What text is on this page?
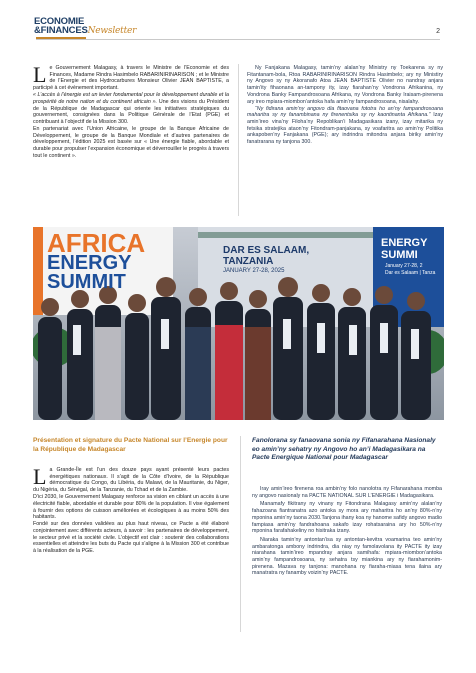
ECONOMIE
&FINANCESNewsletter	2

Le Gouvernement Malagasy, à travers le Ministre de l’Economie et des Finances, Madame Rindra Hasimbelo RABARINIRINARISON ; et le Ministre de l’Energie et des Hydrocarbures Monsieur Olivier JEAN BAPTISTE, a participé à cet évènement important.

« L’accès à l’énergie est un levier fondamental pour le développement durable et la prospérité de notre nation et du continent africain ». Une des visions du Président de la République de Madagascar qui oriente les initiatives stratégiques du gouvernement, consignées dans la Politique Générale de l’Etat (PGE) et contribuant à l’objectif de la Mission 300.

En partenariat avec l’Union Africaine, le groupe de la Banque Africaine de Développement, le groupe de la Banque Mondiale et d’autres partenaires de développement, l’édition 2025 est basée sur « Une énergie fiable, abordable et durable pour propulser l’expansion économique et déverrouiller le progrès à travers tout le continent ».

Ny Fanjakana Malagasy, tamin’ny alalan’ny Ministry ny Toekarena sy ny Fitantanam-bola, Rtoa RABARINIRINARISON Rindra Hasimbelo; ary ny Ministiry ny Angovo sy ny Akoranafo Atoa JEAN BAPTISTE Olivier no nandray anjara tamin’ity fihaonana an-tampony ity, izay fiarahan’ny Vondrona Afrikanina, ny Vondrona Banky Fampandrosoana Afrikana, ny Vondrona Banky Iraisam-pirenena ary ireo mpiara-miombon’antoka hafa amin’ny fampandrosoana, nisalahy.

“Ny fidirana amin’ny angovo dia fitaovana fototra ho an’ny fampandrosoana maharitra sy ny fanambinana ny firenentsika sy ny kaontinanta Afrikana.” Izay amin’ireo vina’ny Filoha’ny Repoblikan’i Madagasikara izany, izay mitarika ny fetsika stratejika ataon’ny Fitondram-panjakana, sy voafaritra ao amin’ny Politika ankapoben’ny Fanjakana (PGE); ary indrindra mitondra anjara biriky amin’ny fanatrarana ny tanjona 300.

AFRICA
ENERGY
SUMMIT
DAR ES SALAAM,
TANZANIA
JANUARY 27-28, 2025
ENERGY
SUMMI
January 27-28, 2
Dar es Salaam | Tanza
Présentation et signature du Pacte National sur l’Energie pour la République de Madagascar

La Grande-Île est l’un des douze pays ayant présenté leurs pactes énergétiques nationaux. Il s’agit de la Côte d’Ivoire, de la République démocratique du Congo, du Libéria, du Malawi, de la Mauritanie, du Niger, du Nigéria, du Sénégal, de la Tanzanie, du Tchad et de la Zambie.

D’ici 2030, le Gouvernement Malagasy renforce sa vision en ciblant un accès à une électricité fiable, abordable et durable pour 80% de la population. Il vise également à fournir des options de cuisson améliorées et écologiques à au moins 50% des habitants.

Fondé sur des données validées au plus haut niveau, ce Pacte a été élaboré conjointement avec différents acteurs, à savoir : les partenaires de développement, le secteur privé et la société civile. L’objectif est clair : soutenir des collaborations essentielles et atteindre les buts du Pacte qui s’aligne à la Mission 300 et contribue à la réalisation de la PGE.

Fanolorana sy fanaovana sonia ny Fifanarahana Nasionaly eo amin’ny sehatry ny Angovo ho an’i Madagasikara na Pacte Energique National pour Madagascar

Iray amin’ireo firenena roa ambin’ny folo nanolotra ny Fifanarahana momba ny angovo nasionaly na PACTE NATIONAL SUR L’ENERGIE i Madagasikara.

Manamafy fikitrany ny vinany ny Fitondrana Malagasy amin’ny alalan’ny fahazoana fiantranatra azo antoka sy mora ary maharitra ho an’ny 80%-n’ny mponina amin’ny taona 2030.Tanjona ihany koa ny hanome safidy angovo madio fampiasa amin’ny fandrahoana sakafo izay rohatsaraina ary ho 50%-n’ny mponina farafahakeliny no hisitraka izany.

Niaraka tamin’ny antontan’isa sy antontan-kevitra voamarina teo amin’ny ambaratonga ambony indrindra, dia niay ny famolavolana ity PACTE ity izay niarahana tamin’ireo mpandray anjara samihafa: mpiara-miombon’antoka amin’ny fampandrosoana, ny sehatra tsy miankina ary ny fiarahamonim-pirenena. Mazava ny tanjona: manohana ny fiaraha-miasa tena ilaina ary manatratra ny fanamby voizin’ny PACTE.
